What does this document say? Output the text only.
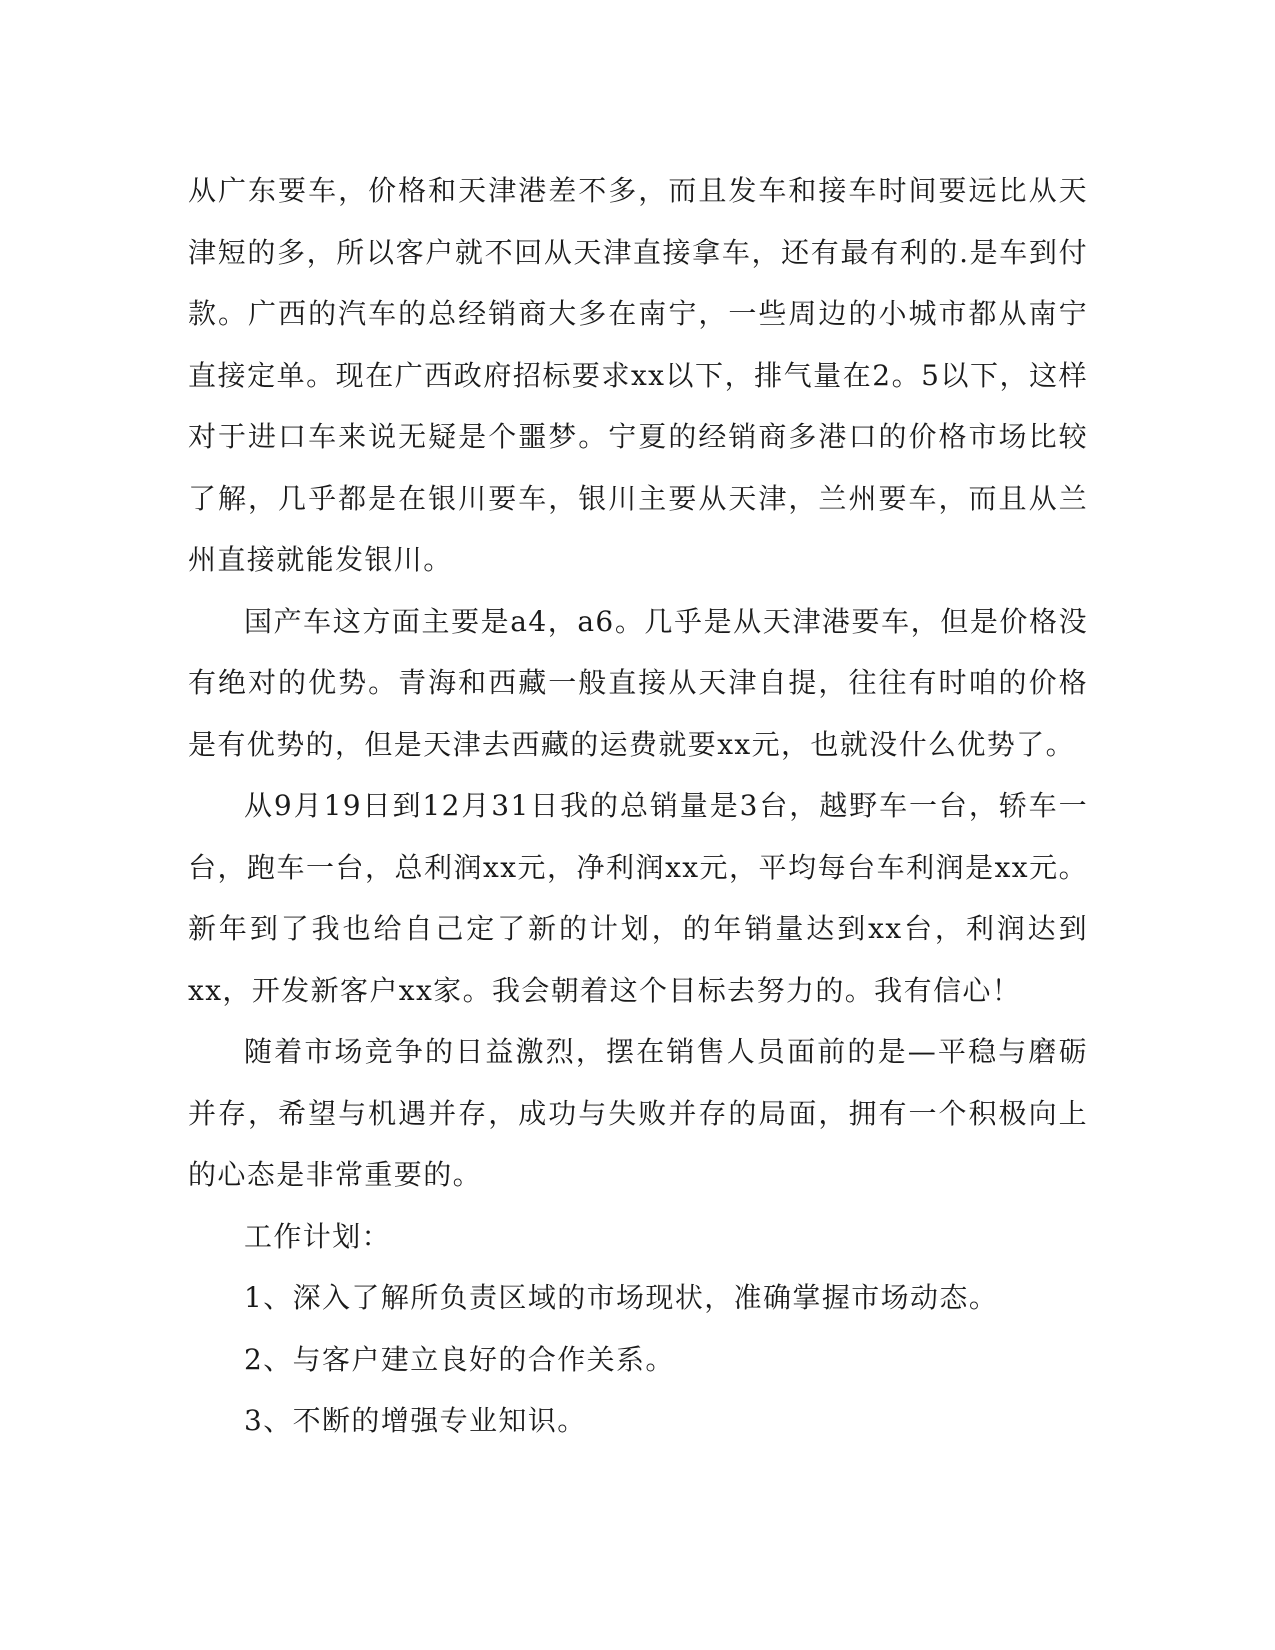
从广东要车，价格和天津港差不多，而且发车和接车时间要远比从天津短的多，所以客户就不回从天津直接拿车，还有最有利的.是车到付款。广西的汽车的总经销商大多在南宁，一些周边的小城市都从南宁直接定单。现在广西政府招标要求xx以下，排气量在2。5以下，这样对于进口车来说无疑是个噩梦。宁夏的经销商多港口的价格市场比较了解，几乎都是在银川要车，银川主要从天津，兰州要车，而且从兰州直接就能发银川。

国产车这方面主要是a4，a6。几乎是从天津港要车，但是价格没有绝对的优势。青海和西藏一般直接从天津自提，往往有时咱的价格是有优势的，但是天津去西藏的运费就要xx元，也就没什么优势了。

从9月19日到12月31日我的总销量是3台，越野车一台，轿车一台，跑车一台，总利润xx元，净利润xx元，平均每台车利润是xx元。新年到了我也给自己定了新的计划，的年销量达到xx台，利润达到xx，开发新客户xx家。我会朝着这个目标去努力的。我有信心！

随着市场竞争的日益激烈，摆在销售人员面前的是—平稳与磨砺并存，希望与机遇并存，成功与失败并存的局面，拥有一个积极向上的心态是非常重要的。

工作计划：

1、深入了解所负责区域的市场现状，准确掌握市场动态。

2、与客户建立良好的合作关系。

3、不断的增强专业知识。
